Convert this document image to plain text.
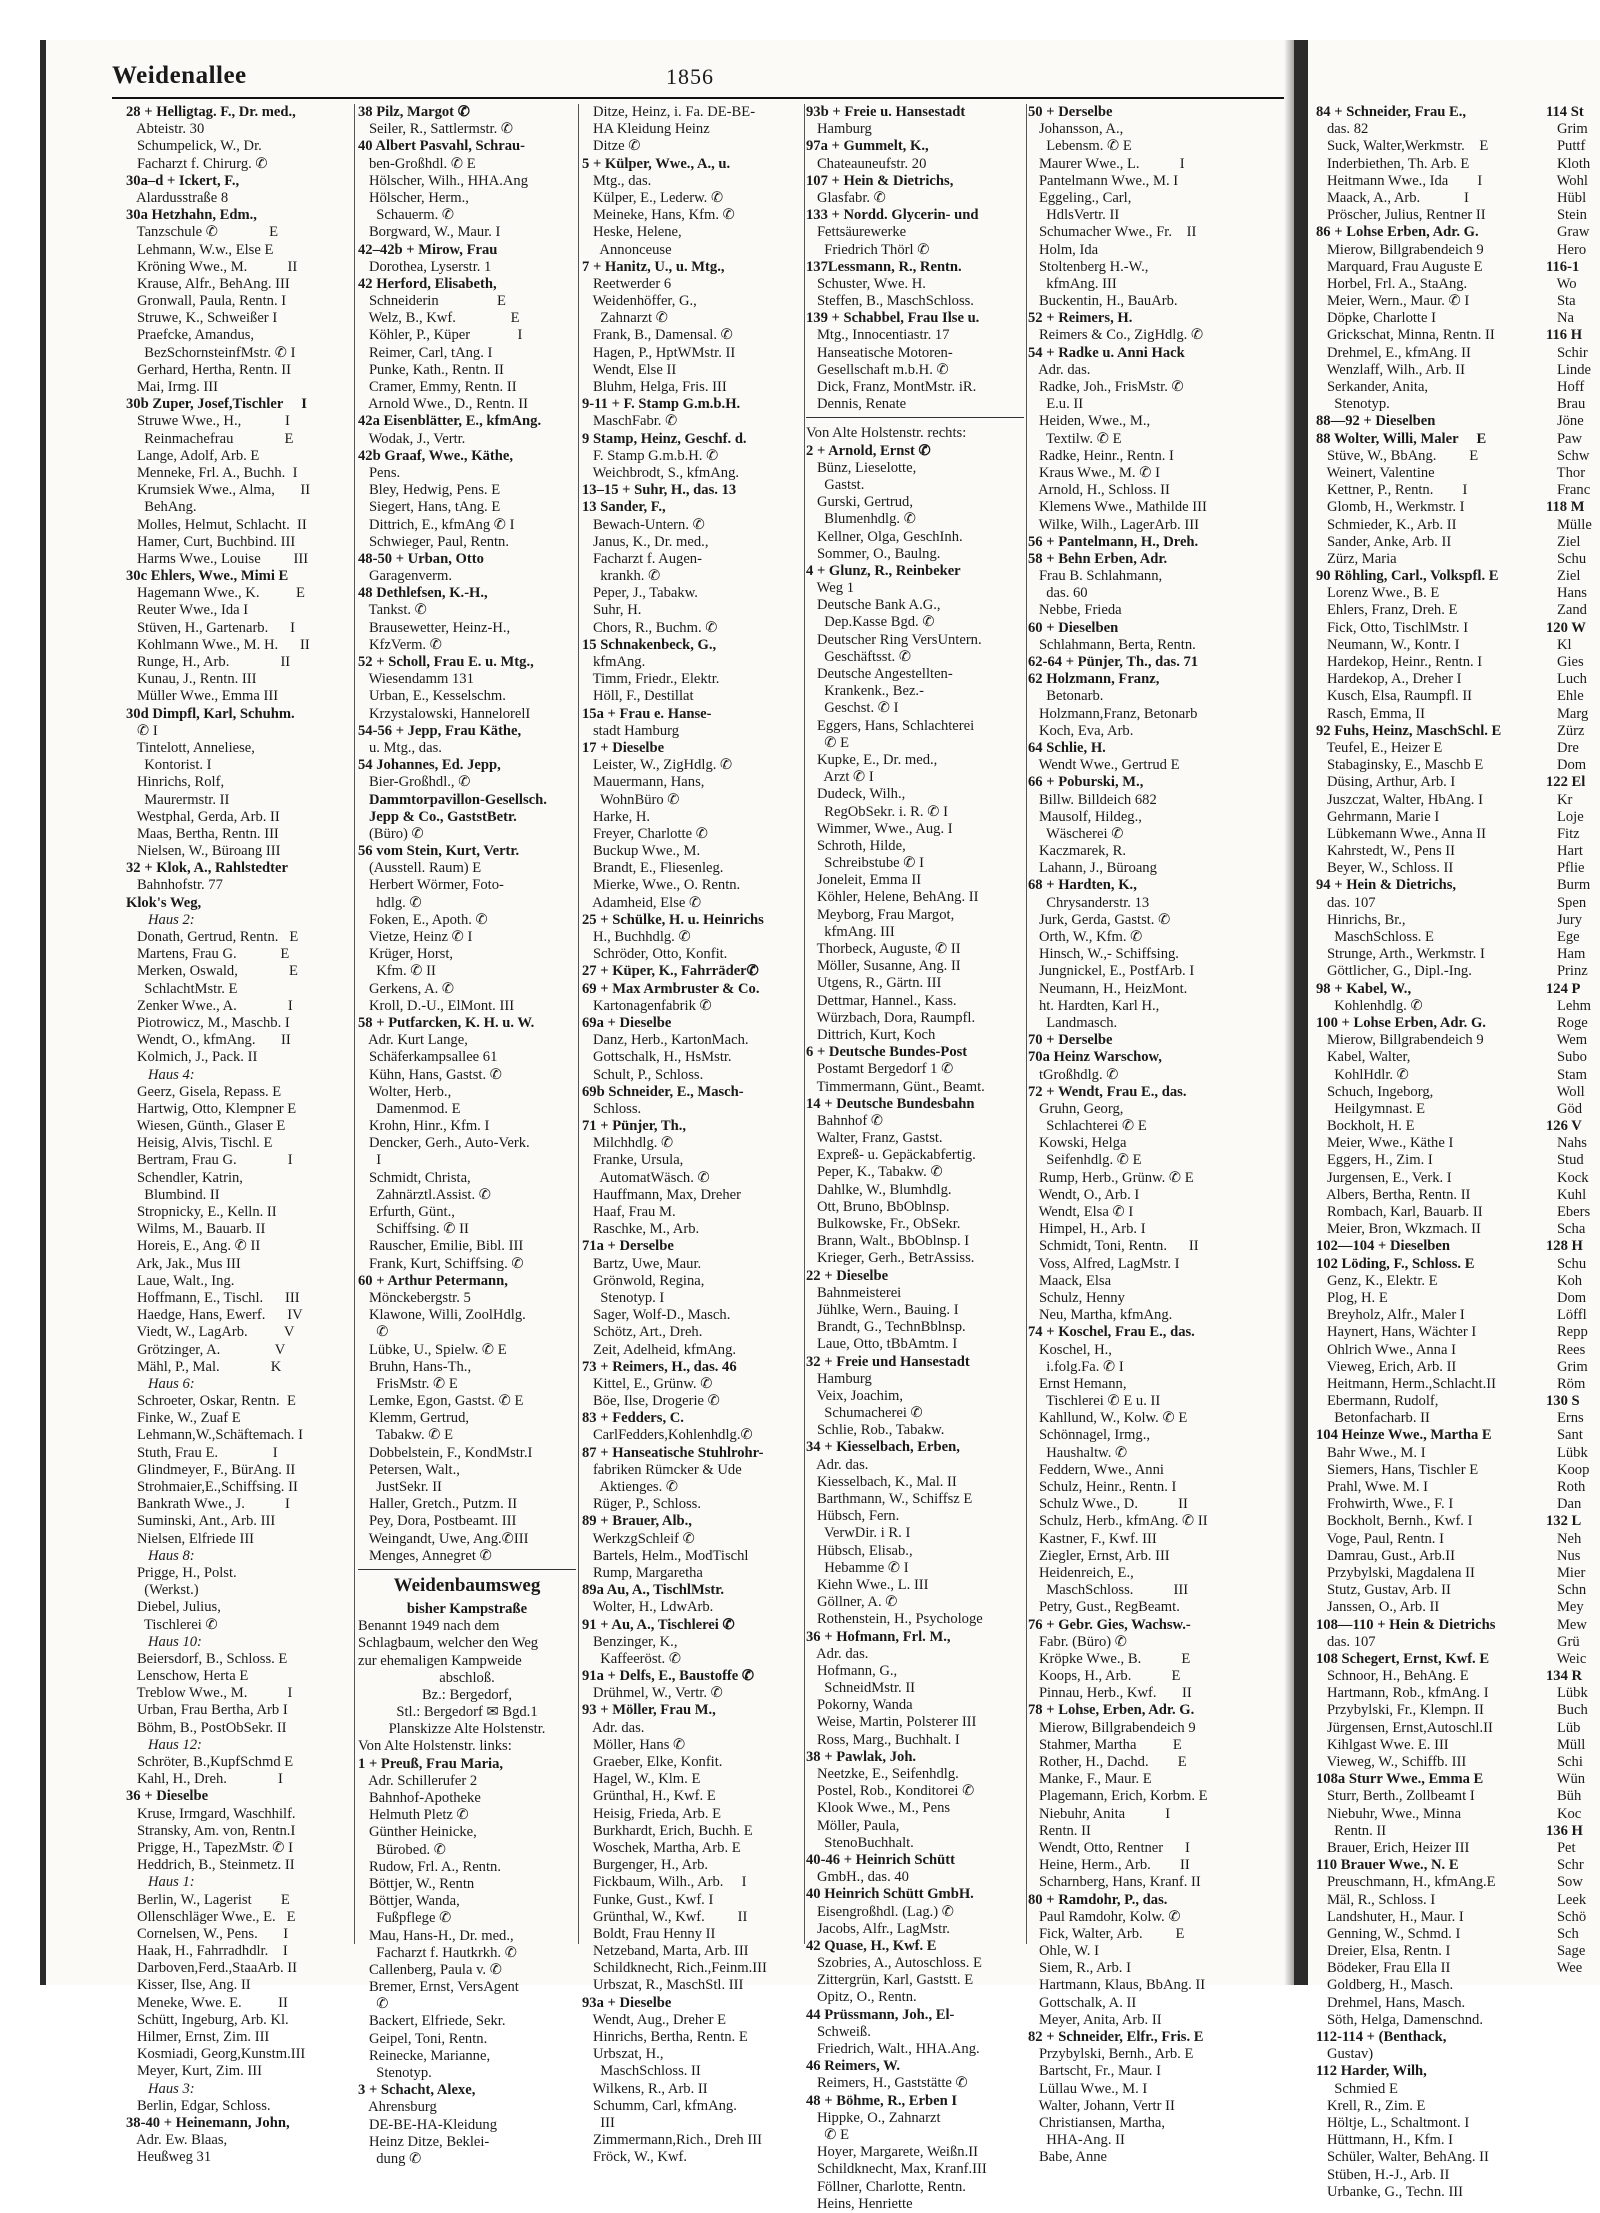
Weidenallee	1856
28 + Helligtag. F., Dr. med.,
Abteistr. 30
Schumpelick, W., Dr.
Facharzt f. Chirurg. ✆
30a–d + Ickert, F.,
Alardusstraße 8
30a Hetzhahn, Edm.,
Tanzschule ✆              E
Lehmann, W.w., Else E
Kröning Wwe., M.           II
Krause, Alfr., BehAng. III
Gronwall, Paula, Rentn. I
Struwe, K., Schweißer I
Praefcke, Amandus,
BezSchornsteinfMstr. ✆ I
Gerhard, Hertha, Rentn. II
Mai, Irmg. III
30b Zuper, Josef,Tischler     I
Struwe Wwe., H.,            I
Reinmachefrau              E
Lange, Adolf, Arb. E
Menneke, Frl. A., Buchh.  I
Krumsiek Wwe., Alma,       II
BehAng.
Molles, Helmut, Schlacht.  II
Hamer, Curt, Buchbind. III
Harms Wwe., Louise         III
30c Ehlers, Wwe., Mimi E
Hagemann Wwe., K.          E
Reuter Wwe., Ida I
Stüven, H., Gartenarb.      I
Kohlmann Wwe., M. H.      II
Runge, H., Arb.              II
Kunau, J., Rentn. III
Müller Wwe., Emma III
30d Dimpfl, Karl, Schuhm.
✆ I
Tintelott, Anneliese,
Kontorist. I
Hinrichs, Rolf,
Maurermstr. II
Westphal, Gerda, Arb. II
Maas, Bertha, Rentn. III
Nielsen, W., Büroang III
32 + Klok, A., Rahlstedter
Bahnhofstr. 77
Klok's Weg,
Haus 2:
Donath, Gertrud, Rentn.   E
Martens, Frau G.            E
Merken, Oswald,              E
SchlachtMstr. E
Zenker Wwe., A.              I
Piotrowicz, M., Maschb. I
Wendt, O., kfmAng.       II
Kolmich, J., Pack. II
Haus 4:
Geerz, Gisela, Repass. E
Hartwig, Otto, Klempner E
Wiesen, Günth., Glaser E
Heisig, Alvis, Tischl. E
Bertram, Frau G.              I
Schendler, Katrin,
Blumbind. II
Stropnicky, E., Kelln. II
Wilms, M., Bauarb. II
Horeis, E., Ang. ✆ II
Ark, Jak., Mus III
Laue, Walt., Ing.
Hoffmann, E., Tischl.      III
Haedge, Hans, Ewerf.      IV
Viedt, W., LagArb.          V
Grötzinger, A.               V
Mähl, P., Mal.              K
Haus 6:
Schroeter, Oskar, Rentn.  E
Finke, W., Zuaf E
Lehmann,W.,Schäftemach. I
Stuth, Frau E.               I
Glindmeyer, F., BürAng. II
Strohmaier,E.,Schiffsing. II
Bankrath Wwe., J.           I
Suminski, Ant., Arb. III
Nielsen, Elfriede III
Haus 8:
Prigge, H., Polst.
(Werkst.)
Diebel, Julius,
Tischlerei ✆
Haus 10:
Beiersdorf, B., Schloss. E
Lenschow, Herta E
Treblow Wwe., M.           I
Urban, Frau Bertha, Arb I
Böhm, B., PostObSekr. II
Haus 12:
Schröter, B.,KupfSchmd E
Kahl, H., Dreh.              I
36 + Dieselbe
Kruse, Irmgard, Waschhilf.
Stransky, Am. von, Rentn.I
Prigge, H., TapezMstr. ✆ I
Heddrich, B., Steinmetz. II
Haus 1:
Berlin, W., Lagerist        E
Ollenschläger Wwe., E.   E
Cornelsen, W., Pens.       I
Haak, H., Fahrradhdlr.    I
Darboven,Ferd.,StaaArb. II
Kisser, Ilse, Ang. II
Meneke, Wwe. E.          II
Schütt, Ingeburg, Arb. Kl.
Hilmer, Ernst, Zim. III
Kosmiadi, Georg,Kunstm.III
Meyer, Kurt, Zim. III
Haus 3:
Berlin, Edgar, Schloss.
38-40 + Heinemann, John,
Adr. Ew. Blaas,
Heußweg 31
38 Pilz, Margot ✆
Seiler, R., Sattlermstr. ✆
40 Albert Pasvahl, Schrau-
ben-Großhdl. ✆ E
Hölscher, Wilh., HHA.Ang
Hölscher, Herm.,
Schauerm. ✆
Borgward, W., Maur. I
42–42b + Mirow, Frau
Dorothea, Lyserstr. 1
42 Herford, Elisabeth,
Schneiderin                E
Welz, B., Kwf.               E
Köhler, P., Küper             I
Reimer, Carl, tAng. I
Punke, Kath., Rentn. II
Cramer, Emmy, Rentn. II
Arnold Wwe., D., Rentn. II
42a Eisenblätter, E., kfmAng.
Wodak, J., Vertr.
42b Graaf, Wwe., Käthe,
Pens.
Bley, Hedwig, Pens. E
Siegert, Hans, tAng. E
Dittrich, E., kfmAng ✆ I
Schwieger, Paul, Rentn.
48-50 + Urban, Otto
Garagenverm.
48 Dethlefsen, K.-H.,
Tankst. ✆
Brausewetter, Heinz-H.,
KfzVerm. ✆
52 + Scholl, Frau E. u. Mtg.,
Wiesendamm 131
Urban, E., Kesselschm.
Krzystalowski, HannelorelI
54-56 + Jepp, Frau Käthe,
u. Mtg., das.
54 Johannes, Ed. Jepp,
Bier-Großhdl., ✆
Dammtorpavillon-Gesellsch.
Jepp & Co., GaststBetr.
(Büro) ✆
56 vom Stein, Kurt, Vertr.
(Ausstell. Raum) E
Herbert Wörmer, Foto-
hdlg. ✆
Foken, E., Apoth. ✆
Vietze, Heinz ✆ I
Krüger, Horst,
Kfm. ✆ II
Gerkens, A. ✆
Kroll, D.-U., ElMont. III
58 + Putfarcken, K. H. u. W.
Adr. Kurt Lange,
Schäferkampsallee 61
Kühn, Hans, Gastst. ✆
Wolter, Herb.,
Damenmod. E
Krohn, Hinr., Kfm. I
Dencker, Gerh., Auto-Verk.
I
Schmidt, Christa,
Zahnärztl.Assist. ✆
Erfurth, Günt.,
Schiffsing. ✆ II
Rauscher, Emilie, Bibl. III
Frank, Kurt, Schiffsing. ✆
60 + Arthur Petermann,
Mönckebergstr. 5
Klawone, Willi, ZoolHdlg.
✆
Lübke, U., Spielw. ✆ E
Bruhn, Hans-Th.,
FrisMstr. ✆ E
Lemke, Egon, Gastst. ✆ E
Klemm, Gertrud,
Tabakw. ✆ E
Dobbelstein, F., KondMstr.I
Petersen, Walt.,
JustSekr. II
Haller, Gretch., Putzm. II
Pey, Dora, Postbeamt. III
Weingandt, Uwe, Ang.✆III
Menges, Annegret ✆
Weidenbaumsweg
bisher Kampstraße
Benannt 1949 nach dem
Schlagbaum, welcher den Weg
zur ehemaligen Kampweide
abschloß.
Bz.: Bergedorf,
Stl.: Bergedorf ✉ Bgd.1
Planskizze Alte Holstenstr.
Von Alte Holstenstr. links:
1 + Preuß, Frau Maria,
Adr. Schillerufer 2
Bahnhof-Apotheke
Helmuth Pletz ✆
Günther Heinicke,
Bürobed. ✆
Rudow, Frl. A., Rentn.
Böttjer, W., Rentn
Böttjer, Wanda,
Fußpflege ✆
Mau, Hans-H., Dr. med.,
Facharzt f. Hautkrkh. ✆
Callenberg, Paula v. ✆
Bremer, Ernst, VersAgent
✆
Backert, Elfriede, Sekr.
Geipel, Toni, Rentn.
Reinecke, Marianne,
Stenotyp.
3 + Schacht, Alexe,
Ahrensburg
DE-BE-HA-Kleidung
Heinz Ditze, Beklei-
dung ✆
Ditze, Heinz, i. Fa. DE-BE-
HA Kleidung Heinz
Ditze ✆
5 + Külper, Wwe., A., u.
Mtg., das.
Külper, E., Lederw. ✆
Meineke, Hans, Kfm. ✆
Heske, Helene,
Annonceuse
7 + Hanitz, U., u. Mtg.,
Reetwerder 6
Weidenhöffer, G.,
Zahnarzt ✆
Frank, B., Damensal. ✆
Hagen, P., HptWMstr. II
Wendt, Else II
Bluhm, Helga, Fris. III
9-11 + F. Stamp G.m.b.H.
MaschFabr. ✆
9 Stamp, Heinz, Geschf. d.
F. Stamp G.m.b.H. ✆
Weichbrodt, S., kfmAng.
13–15 + Suhr, H., das. 13
13 Sander, F.,
Bewach-Untern. ✆
Janus, K., Dr. med.,
Facharzt f. Augen-
krankh. ✆
Peper, J., Tabakw.
Suhr, H.
Chors, R., Buchm. ✆
15 Schnakenbeck, G.,
kfmAng.
Timm, Friedr., Elektr.
Höll, F., Destillat
15a + Frau e. Hanse-
stadt Hamburg
17 + Dieselbe
Leister, W., ZigHdlg. ✆
Mauermann, Hans,
WohnBüro ✆
Harke, H.
Freyer, Charlotte ✆
Buckup Wwe., M.
Brandt, E., Fliesenleg.
Mierke, Wwe., O. Rentn.
Adamheid, Else ✆
25 + Schülke, H. u. Heinrichs
H., Buchhdlg. ✆
Schröder, Otto, Konfit.
27 + Küper, K., Fahrräder✆
69 + Max Armbruster & Co.
Kartonagenfabrik ✆
69a + Dieselbe
Danz, Herb., KartonMach.
Gottschalk, H., HsMstr.
Schult, P., Schloss.
69b Schneider, E., Masch-
Schloss.
71 + Pünjer, Th.,
Milchhdlg. ✆
Franke, Ursula,
AutomatWäsch. ✆
Hauffmann, Max, Dreher
Haaf, Frau M.
Raschke, M., Arb.
71a + Derselbe
Bartz, Uwe, Maur.
Grönwold, Regina,
Stenotyp. I
Sager, Wolf-D., Masch.
Schötz, Art., Dreh.
Zeit, Adelheid, kfmAng.
73 + Reimers, H., das. 46
Kittel, E., Grünw. ✆
Böe, Ilse, Drogerie ✆
83 + Fedders, C.
CarlFedders,Kohlenhdlg.✆
87 + Hanseatische Stuhlrohr-
fabriken Rümcker & Ude
Aktienges. ✆
Rüger, P., Schloss.
89 + Brauer, Alb.,
WerkzgSchleif ✆
Bartels, Helm., ModTischl
Rump, Margaretha
89a Au, A., TischlMstr.
Wolter, H., LdwArb.
91 + Au, A., Tischlerei ✆
Benzinger, K.,
Kaffeeröst. ✆
91a + Delfs, E., Baustoffe ✆
Drühmel, W., Vertr. ✆
93 + Möller, Frau M.,
Adr. das.
Möller, Hans ✆
Graeber, Elke, Konfit.
Hagel, W., Klm. E
Grünthal, H., Kwf. E
Heisig, Frieda, Arb. E
Burkhardt, Erich, Buchh. E
Woschek, Martha, Arb. E
Burgenger, H., Arb.
Fickbaum, Wilh., Arb.     I
Funke, Gust., Kwf. I
Grünthal, W., Kwf.         II
Boldt, Frau Henny II
Netzeband, Marta, Arb. III
Schildknecht, Rich.,Feinm.III
Urbszat, R., MaschStl. III
93a + Dieselbe
Wendt, Aug., Dreher E
Hinrichs, Bertha, Rentn. E
Urbszat, H.,
MaschSchloss. II
Wilkens, R., Arb. II
Schumm, Carl, kfmAng.
III
Zimmermann,Rich., Dreh III
Fröck, W., Kwf.
93b + Freie u. Hansestadt
Hamburg
97a + Gummelt, K.,
Chateauneufstr. 20
107 + Hein & Dietrichs,
Glasfabr. ✆
133 + Nordd. Glycerin- und
Fettsäurewerke
Friedrich Thörl ✆
137Lessmann, R., Rentn.
Schuster, Wwe. H.
Steffen, B., MaschSchloss.
139 + Schabbel, Frau Ilse u.
Mtg., Innocentiastr. 17
Hanseatische Motoren-
Gesellschaft m.b.H. ✆
Dick, Franz, MontMstr. iR.
Dennis, Renate
Von Alte Holstenstr. rechts:
2 + Arnold, Ernst ✆
Bünz, Lieselotte,
Gastst.
Gurski, Gertrud,
Blumenhdlg. ✆
Kellner, Olga, GeschInh.
Sommer, O., Baulng.
4 + Glunz, R., Reinbeker
Weg 1
Deutsche Bank A.G.,
Dep.Kasse Bgd. ✆
Deutscher Ring VersUntern.
Geschäftsst. ✆
Deutsche Angestellten-
Krankenk., Bez.-
Geschst. ✆ I
Eggers, Hans, Schlachterei
✆ E
Kupke, E., Dr. med.,
Arzt ✆ I
Dudeck, Wilh.,
RegObSekr. i. R. ✆ I
Wimmer, Wwe., Aug. I
Schroth, Hilde,
Schreibstube ✆ I
Joneleit, Emma II
Köhler, Helene, BehAng. II
Meyborg, Frau Margot,
kfmAng. III
Thorbeck, Auguste, ✆ II
Möller, Susanne, Ang. II
Utgens, R., Gärtn. III
Dettmar, Hannel., Kass.
Würzbach, Dora, Raumpfl.
Dittrich, Kurt, Koch
6 + Deutsche Bundes-Post
Postamt Bergedorf 1 ✆
Timmermann, Günt., Beamt.
14 + Deutsche Bundesbahn
Bahnhof ✆
Walter, Franz, Gastst.
Expreß- u. Gepäckabfertig.
Peper, K., Tabakw. ✆
Dahlke, W., Blumhdlg.
Ott, Bruno, BbOblnsp.
Bulkowske, Fr., ObSekr.
Brann, Walt., BbOblnsp. I
Krieger, Gerh., BetrAssiss.
22 + Dieselbe
Bahnmeisterei
Jühlke, Wern., Bauing. I
Brandt, G., TechnBblnsp.
Laue, Otto, tBbAmtm. I
32 + Freie und Hansestadt
Hamburg
Veix, Joachim,
Schumacherei ✆
Schlie, Rob., Tabakw.
34 + Kiesselbach, Erben,
Adr. das.
Kiesselbach, K., Mal. II
Barthmann, W., Schiffsz E
Hübsch, Fern.
VerwDir. i R. I
Hübsch, Elisab.,
Hebamme ✆ I
Kiehn Wwe., L. III
Göllner, A. ✆
Rothenstein, H., Psychologe
36 + Hofmann, Frl. M.,
Adr. das.
Hofmann, G.,
SchneidMstr. II
Pokorny, Wanda
Weise, Martin, Polsterer III
Ross, Marg., Buchhalt. I
38 + Pawlak, Joh.
Neetzke, E., Seifenhdlg.
Postel, Rob., Konditorei ✆
Klook Wwe., M., Pens
Möller, Paula,
StenoBuchhalt.
40-46 + Heinrich Schütt
GmbH., das. 40
40 Heinrich Schütt GmbH.
Eisengroßhdl. (Lag.) ✆
Jacobs, Alfr., LagMstr.
42 Quase, H., Kwf. E
Szobries, A., Autoschloss. E
Zittergrün, Karl, Gaststt. E
Opitz, O., Rentn.
44 Prüssmann, Joh., El-
Schweiß.
Friedrich, Walt., HHA.Ang.
46 Reimers, W.
Reimers, H., Gaststätte ✆
48 + Böhme, R., Erben I
Hippke, O., Zahnarzt
✆ E
Hoyer, Margarete, Weißn.II
Schildknecht, Max, Kranf.III
Föllner, Charlotte, Rentn.
Heins, Henriette
50 + Derselbe
Johansson, A.,
Lebensm. ✆ E
Maurer Wwe., L.           I
Pantelmann Wwe., M. I
Eggeling., Carl,
HdlsVertr. II
Schumacher Wwe., Fr.    II
Holm, Ida
Stoltenberg H.-W.,
kfmAng. III
Buckentin, H., BauArb.
52 + Reimers, H.
Reimers & Co., ZigHdlg. ✆
54 + Radke u. Anni Hack
Adr. das.
Radke, Joh., FrisMstr. ✆
E.u. II
Heiden, Wwe., M.,
Textilw. ✆ E
Radke, Heinr., Rentn. I
Kraus Wwe., M. ✆ I
Arnold, H., Schloss. II
Klemens Wwe., Mathilde III
Wilke, Wilh., LagerArb. III
56 + Pantelmann, H., Dreh.
58 + Behn Erben, Adr.
Frau B. Schlahmann,
das. 60
Nebbe, Frieda
60 + Dieselben
Schlahmann, Berta, Rentn.
62-64 + Pünjer, Th., das. 71
62 Holzmann, Franz,
Betonarb.
Holzmann,Franz, Betonarb
Koch, Eva, Arb.
64 Schlie, H.
Wendt Wwe., Gertrud E
66 + Poburski, M.,
Billw. Billdeich 682
Mausolf, Hildeg.,
Wäscherei ✆
Kaczmarek, R.
Lahann, J., Büroang
68 + Hardten, K.,
Chrysanderstr. 13
Jurk, Gerda, Gastst. ✆
Orth, W., Kfm. ✆
Hinsch, W.,- Schiffsing.
Jungnickel, E., PostfArb. I
Neumann, H., HeizMont.
ht. Hardten, Karl H.,
Landmasch.
70 + Derselbe
70a Heinz Warschow,
tGroßhdlg. ✆
72 + Wendt, Frau E., das.
Gruhn, Georg,
Schlachterei ✆ E
Kowski, Helga
Seifenhdlg. ✆ E
Rump, Herb., Grünw. ✆ E
Wendt, O., Arb. I
Wendt, Elsa ✆ I
Himpel, H., Arb. I
Schmidt, Toni, Rentn.      II
Voss, Alfred, LagMstr. I
Maack, Elsa
Schulz, Henny
Neu, Martha, kfmAng.
74 + Koschel, Frau E., das.
Koschel, H.,
i.folg.Fa. ✆ I
Ernst Hemann,
Tischlerei ✆ E u. II
Kahllund, W., Kolw. ✆ E
Schönnagel, Irmg.,
Haushaltw. ✆
Feddern, Wwe., Anni
Schulz, Heinr., Rentn. I
Schulz Wwe., D.           II
Schulz, Herb., kfmAng. ✆ II
Kastner, F., Kwf. III
Ziegler, Ernst, Arb. III
Heidenreich, E.,
MaschSchloss.           III
Petry, Gust., RegBeamt.
76 + Gebr. Gies, Wachsw.-
Fabr. (Büro) ✆
Kröpke Wwe., B.           E
Koops, H., Arb.           E
Pinnau, Herb., Kwf.       II
78 + Lohse, Erben, Adr. G.
Mierow, Billgrabendeich 9
Stahmer, Martha          E
Rother, H., Dachd.        E
Manke, F., Maur. E
Plagemann, Erich, Korbm. E
Niebuhr, Anita           I
Rentn. II
Wendt, Otto, Rentner      I
Heine, Herm., Arb.        II
Scharnberg, Hans, Kranf. II
80 + Ramdohr, P., das.
Paul Ramdohr, Kolw. ✆
Fick, Walter, Arb.         E
Ohle, W. I
Siem, R., Arb. I
Hartmann, Klaus, BbAng. II
Gottschalk, A. II
Meyer, Anita, Arb. II
82 + Schneider, Elfr., Fris. E
Przybylski, Bernh., Arb. E
Bartscht, Fr., Maur. I
Lüllau Wwe., M. I
Walter, Johann, Vertr II
Christiansen, Martha,
HHA-Ang. II
Babe, Anne
84 + Schneider, Frau E.,
das. 82
Suck, Walter,Werkmstr.    E
Inderbiethen, Th. Arb. E
Heitmann Wwe., Ida        I
Maack, A., Arb.            I
Pröscher, Julius, Rentner II
86 + Lohse Erben, Adr. G.
Mierow, Billgrabendeich 9
Marquard, Frau Auguste E
Horbel, Frl. A., StaAng.
Meier, Wern., Maur. ✆ I
Döpke, Charlotte I
Grickschat, Minna, Rentn. II
Drehmel, E., kfmAng. II
Wenzlaff, Wilh., Arb. II
Serkander, Anita,
Stenotyp.
88—92 + Dieselben
88 Wolter, Willi, Maler     E
Stüve, W., BbAng.         E
Weinert, Valentine
Kettner, P., Rentn.        I
Glomb, H., Werkmstr. I
Schmieder, K., Arb. II
Sander, Anke, Arb. II
Zürz, Maria
90 Röhling, Carl., Volkspfl. E
Lorenz Wwe., B. E
Ehlers, Franz, Dreh. E
Fick, Otto, TischlMstr. I
Neumann, W., Kontr. I
Hardekop, Heinr., Rentn. I
Hardekop, A., Dreher I
Kusch, Elsa, Raumpfl. II
Rasch, Emma, II
92 Fuhs, Heinz, MaschSchl. E
Teufel, E., Heizer E
Stabaginsky, E., Maschb E
Düsing, Arthur, Arb. I
Juszczat, Walter, HbAng. I
Gehrmann, Marie I
Lübkemann Wwe., Anna II
Kahrstedt, W., Pens II
Beyer, W., Schloss. II
94 + Hein & Dietrichs,
das. 107
Hinrichs, Br.,
MaschSchloss. E
Strunge, Arth., Werkmstr. I
Göttlicher, G., Dipl.-Ing.
98 + Kabel, W.,
Kohlenhdlg. ✆
100 + Lohse Erben, Adr. G.
Mierow, Billgrabendeich 9
Kabel, Walter,
KohlHdlr. ✆
Schuch, Ingeborg,
Heilgymnast. E
Bockholt, H. E
Meier, Wwe., Käthe I
Eggers, H., Zim. I
Jurgensen, E., Verk. I
Albers, Bertha, Rentn. II
Rombach, Karl, Bauarb. II
Meier, Bron, Wkzmach. II
102—104 + Dieselben
102 Löding, F., Schloss. E
Genz, K., Elektr. E
Plog, H. E
Breyholz, Alfr., Maler I
Haynert, Hans, Wächter I
Ohlrich Wwe., Anna I
Vieweg, Erich, Arb. II
Heitmann, Herm.,Schlacht.II
Ebermann, Rudolf,
Betonfacharb. II
104 Heinze Wwe., Martha E
Bahr Wwe., M. I
Siemers, Hans, Tischler E
Prahl, Wwe. M. I
Frohwirth, Wwe., F. I
Bockholt, Bernh., Kwf. I
Voge, Paul, Rentn. I
Damrau, Gust., Arb.II
Przybylski, Magdalena II
Stutz, Gustav, Arb. II
Janssen, O., Arb. II
108—110 + Hein & Dietrichs
das. 107
108 Schegert, Ernst, Kwf. E
Schnoor, H., BehAng. E
Hartmann, Rob., kfmAng. I
Przybylski, Fr., Klempn. II
Jürgensen, Ernst,Autoschl.II
Kihlgast Wwe. E. III
Vieweg, W., Schiffb. III
108a Sturr Wwe., Emma E
Sturr, Berth., Zollbeamt I
Niebuhr, Wwe., Minna
Rentn. II
Brauer, Erich, Heizer III
110 Brauer Wwe., N. E
Preuschmann, H., kfmAng.E
Mäl, R., Schloss. I
Landshuter, H., Maur. I
Genning, W., Schmd. I
Dreier, Elsa, Rentn. I
Bödeker, Frau Ella II
Goldberg, H., Masch.
Drehmel, Hans, Masch.
Söth, Helga, Damenschnd.
112-114 + (Benthack,
Gustav)
112 Harder, Wilh,
Schmied E
Krell, R., Zim. E
Höltje, L., Schaltmont. I
Hüttmann, H., Kfm. I
Schüler, Walter, BehAng. II
Stüben, H.-J., Arb. II
Urbanke, G., Techn. III
114 St
Grim
Puttf
Kloth
Wohl
Hübl
Stein
Graw
Hero
116-1
Wo
Sta
Na
116 H
Schir
Linde
Hoff
Brau
Jöne
Paw
Schw
Thor
Franc
118 M
Mülle
Ziel
Schu
Ziel
Hans
Zand
120 W
Kl
Gies
Luch
Ehle
Marg
Zürz
Dre
Dom
122 El
Kr
Loje
Fitz
Hart
Pflie
Burm
Spen
Jury
Ege
Ham
Prinz
124 P
Lehm
Roge
Wem
Subo
Stam
Woll
Göd
126 V
Nahs
Stud
Kock
Kuhl
Ebers
Scha
128 H
Schu
Koh
Dom
Löffl
Repp
Rees
Grim
Röm
130 S
Erns
Sant
Lübk
Koop
Roth
Dan
132 L
Neh
Nus
Mier
Schn
Mey
Mew
Grü
Weic
134 R
Lübk
Buch
Lüb
Müll
Schi
Wün
Büh
Koc
136 H
Pet
Schr
Sow
Leek
Schö
Sch
Sage
Wee
